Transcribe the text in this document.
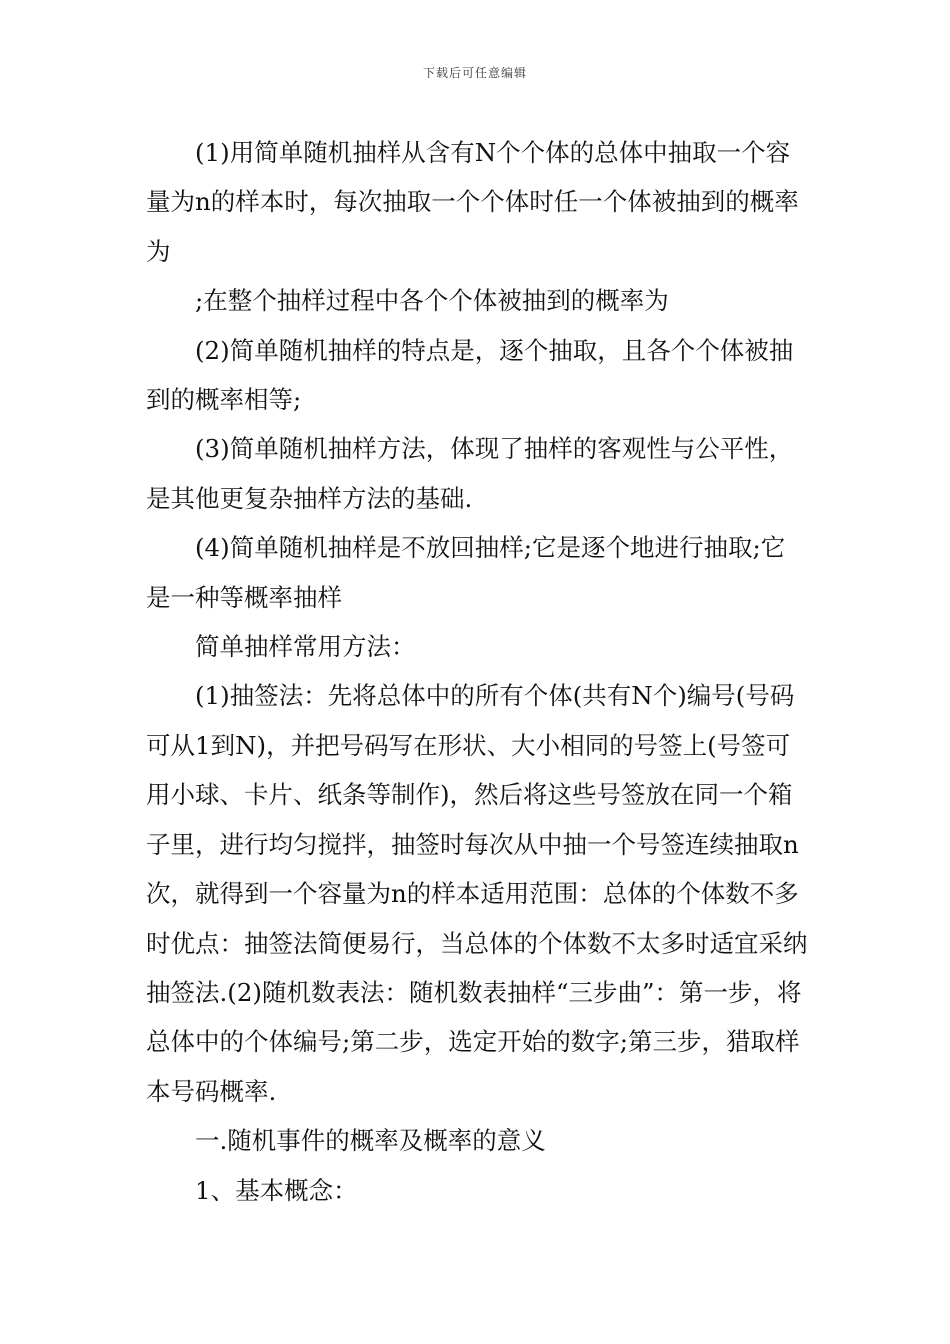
下载后可任意编辑

(1)用简单随机抽样从含有N个个体的总体中抽取一个容量为n的样本时，每次抽取一个个体时任一个体被抽到的概率为

;在整个抽样过程中各个个体被抽到的概率为

(2)简单随机抽样的特点是，逐个抽取，且各个个体被抽到的概率相等;

(3)简单随机抽样方法，体现了抽样的客观性与公平性，是其他更复杂抽样方法的基础.

(4)简单随机抽样是不放回抽样;它是逐个地进行抽取;它是一种等概率抽样

简单抽样常用方法：

(1)抽签法：先将总体中的所有个体(共有N个)编号(号码可从1到N)，并把号码写在形状、大小相同的号签上(号签可用小球、卡片、纸条等制作)，然后将这些号签放在同一个箱子里，进行均匀搅拌，抽签时每次从中抽一个号签连续抽取n次，就得到一个容量为n的样本适用范围：总体的个体数不多时优点：抽签法简便易行，当总体的个体数不太多时适宜采纳抽签法.(2)随机数表法：随机数表抽样“三步曲”：第一步，将总体中的个体编号;第二步，选定开始的数字;第三步，猎取样本号码概率.

一.随机事件的概率及概率的意义

1、基本概念：
